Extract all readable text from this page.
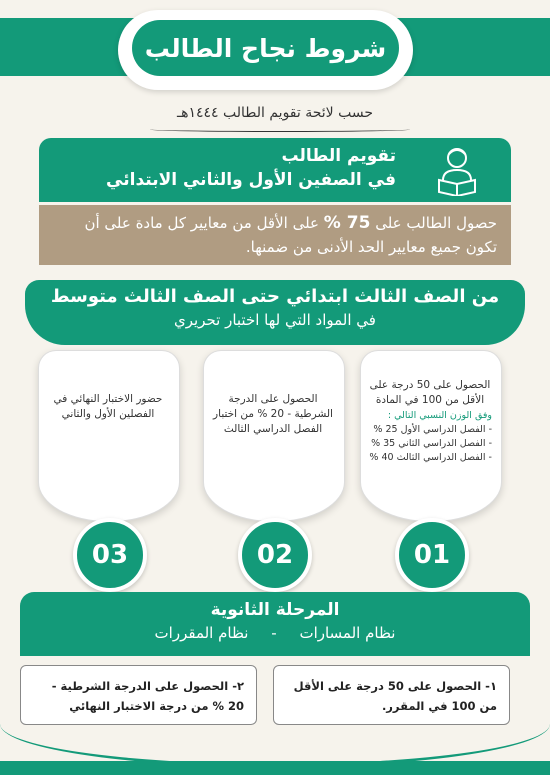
شروط نجاح الطالب
حسب لائحة تقويم الطالب ١٤٤٤هـ
تقويم الطالب
في الصفين الأول والثاني الابتدائي
حصول الطالب على 75 % على الأقل من معايير كل مادة على أن تكون جميع معايير الحد الأدنى من ضمنها.
من الصف الثالث ابتدائي حتى الصف الثالث متوسط
في المواد التي لها اختبار تحريري
الحصول على 50 درجة على الأقل من 100 في المادة
وفق الوزن النسبي التالي :
- الفصل الدراسي الأول 25 %
- الفصل الدراسي الثاني 35 %
- الفصل الدراسي الثالث 40 %
01
الحصول على الدرجة الشرطية - 20 % من اختبار الفصل الدراسي الثالث
02
حضور الاختبار النهائي في الفصلين الأول والثاني
03
المرحلة الثانوية
نظام المسارات - نظام المقررات
١- الحصول على 50 درجة على الأقل من 100 في المقرر.
٢- الحصول على الدرجة الشرطية - 20 % من درجة الاختبار النهائي
